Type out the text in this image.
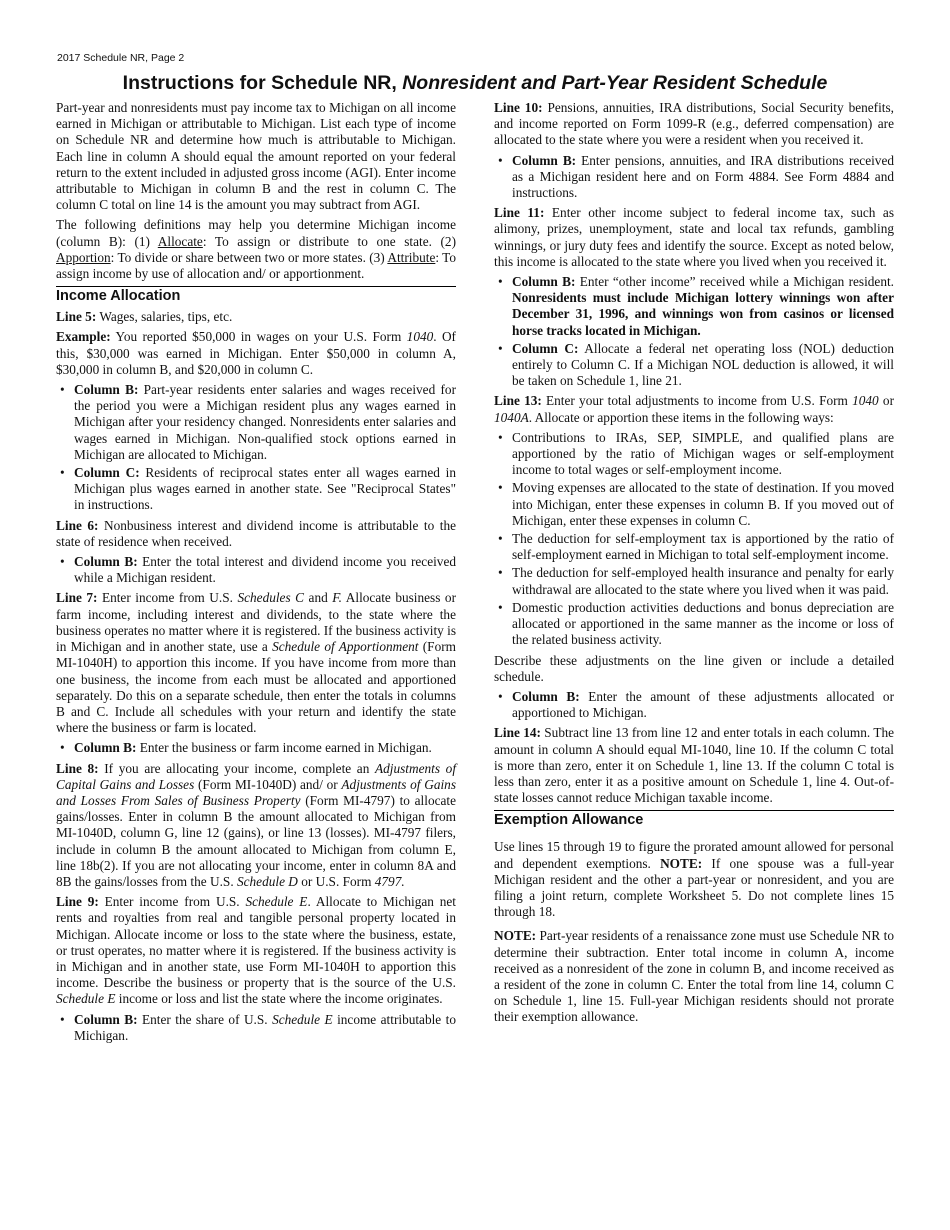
2017 Schedule NR, Page 2
Instructions for Schedule NR, Nonresident and Part-Year Resident Schedule

Part-year and nonresidents must pay income tax to Michigan on all income earned in Michigan or attributable to Michigan. List each type of income on Schedule NR and determine how much is attributable to Michigan. Each line in column A should equal the amount reported on your federal return to the extent included in adjusted gross income (AGI). Enter income attributable to Michigan in column B and the rest in column C. The column C total on line 14 is the amount you may subtract from AGI.

The following definitions may help you determine Michigan income (column B): (1) Allocate: To assign or distribute to one state. (2) Apportion: To divide or share between two or more states. (3) Attribute: To assign income by use of allocation and/ or apportionment.

Income Allocation

Line 5: Wages, salaries, tips, etc.

Example: You reported $50,000 in wages on your U.S. Form 1040. Of this, $30,000 was earned in Michigan. Enter $50,000 in column A, $30,000 in column B, and $20,000 in column C.

• Column B: Part-year residents enter salaries and wages received for the period you were a Michigan resident plus any wages earned in Michigan after your residency changed. Nonresidents enter salaries and wages earned in Michigan. Non-qualified stock options earned in Michigan are allocated to Michigan.
• Column C: Residents of reciprocal states enter all wages earned in Michigan plus wages earned in another state. See "Reciprocal States" in instructions.

Line 6: Nonbusiness interest and dividend income is attributable to the state of residence when received.

• Column B: Enter the total interest and dividend income you received while a Michigan resident.

Line 7: Enter income from U.S. Schedules C and F. Allocate business or farm income, including interest and dividends, to the state where the business operates no matter where it is registered. If the business activity is in Michigan and in another state, use a Schedule of Apportionment (Form MI-1040H) to apportion this income. If you have income from more than one business, the income from each must be allocated and apportioned separately. Do this on a separate schedule, then enter the totals in columns B and C. Include all schedules with your return and identify the state where the business or farm is located.

• Column B: Enter the business or farm income earned in Michigan.

Line 8: If you are allocating your income, complete an Adjustments of Capital Gains and Losses (Form MI-1040D) and/ or Adjustments of Gains and Losses From Sales of Business Property (Form MI-4797) to allocate gains/losses. Enter in column B the amount allocated to Michigan from MI-1040D, column G, line 12 (gains), or line 13 (losses). MI-4797 filers, include in column B the amount allocated to Michigan from column E, line 18b(2). If you are not allocating your income, enter in column 8A and 8B the gains/losses from the U.S. Schedule D or U.S. Form 4797.

Line 9: Enter income from U.S. Schedule E. Allocate to Michigan net rents and royalties from real and tangible personal property located in Michigan. Allocate income or loss to the state where the business, estate, or trust operates, no matter where it is registered. If the business activity is in Michigan and in another state, use Form MI-1040H to apportion this income. Describe the business or property that is the source of the U.S. Schedule E income or loss and list the state where the income originates.

• Column B: Enter the share of U.S. Schedule E income attributable to Michigan.

Line 10: Pensions, annuities, IRA distributions, Social Security benefits, and income reported on Form 1099-R (e.g., deferred compensation) are allocated to the state where you were a resident when you received it.

• Column B: Enter pensions, annuities, and IRA distributions received as a Michigan resident here and on Form 4884. See Form 4884 and instructions.

Line 11: Enter other income subject to federal income tax, such as alimony, prizes, unemployment, state and local tax refunds, gambling winnings, or jury duty fees and identify the source. Except as noted below, this income is allocated to the state where you lived when you received it.

• Column B: Enter “other income” received while a Michigan resident. Nonresidents must include Michigan lottery winnings won after December 31, 1996, and winnings won from casinos or licensed horse tracks located in Michigan.
• Column C: Allocate a federal net operating loss (NOL) deduction entirely to Column C. If a Michigan NOL deduction is allowed, it will be taken on Schedule 1, line 21.

Line 13: Enter your total adjustments to income from U.S. Form 1040 or 1040A. Allocate or apportion these items in the following ways:

• Contributions to IRAs, SEP, SIMPLE, and qualified plans are apportioned by the ratio of Michigan wages or self-employment income to total wages or self-employment income.
• Moving expenses are allocated to the state of destination. If you moved into Michigan, enter these expenses in column B. If you moved out of Michigan, enter these expenses in column C.
• The deduction for self-employment tax is apportioned by the ratio of self-employment earned in Michigan to total self-employment income.
• The deduction for self-employed health insurance and penalty for early withdrawal are allocated to the state where you lived when it was paid.
• Domestic production activities deductions and bonus depreciation are allocated or apportioned in the same manner as the income or loss of the related business activity.

Describe these adjustments on the line given or include a detailed schedule.

• Column B: Enter the amount of these adjustments allocated or apportioned to Michigan.

Line 14: Subtract line 13 from line 12 and enter totals in each column. The amount in column A should equal MI-1040, line 10. If the column C total is more than zero, enter it on Schedule 1, line 13. If the column C total is less than zero, enter it as a positive amount on Schedule 1, line 4. Out-of-state losses cannot reduce Michigan taxable income.

Exemption Allowance

Use lines 15 through 19 to figure the prorated amount allowed for personal and dependent exemptions. NOTE: If one spouse was a full-year Michigan resident and the other a part-year or nonresident, and you are filing a joint return, complete Worksheet 5. Do not complete lines 15 through 18.

NOTE: Part-year residents of a renaissance zone must use Schedule NR to determine their subtraction. Enter total income in column A, income received as a nonresident of the zone in column B, and income received as a resident of the zone in column C. Enter the total from line 14, column C on Schedule 1, line 15. Full-year Michigan residents should not prorate their exemption allowance.
